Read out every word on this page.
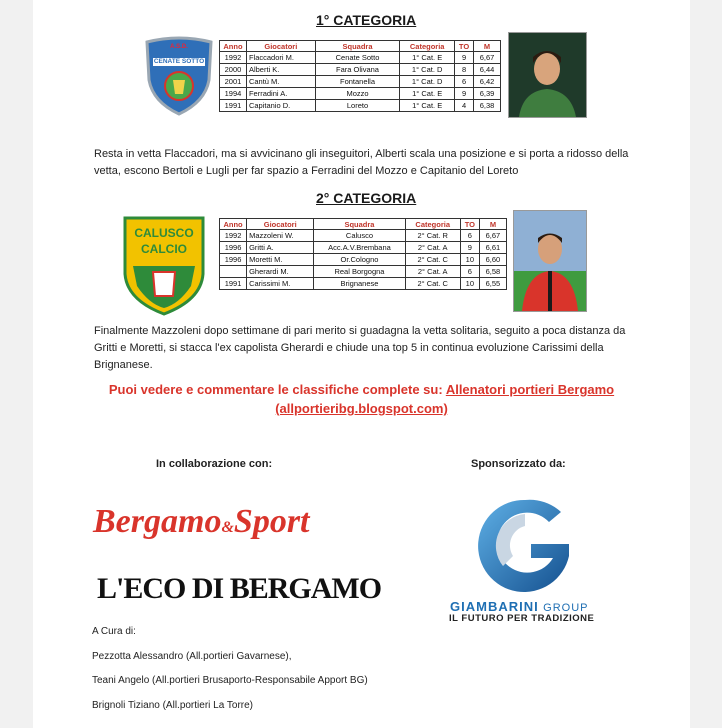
1° CATEGORIA
A.S.D.
CENATE SOTTO
Anno	Giocatori	Squadra	Categoria	TO	M
1992	Flaccadori M.	Cenate Sotto	1° Cat. E	9	6,67
2000	Alberti K.	Fara Olivana	1° Cat. D	8	6,44
2001	Cantù M.	Fontanella	1° Cat. D	6	6,42
1994	Ferradini A.	Mozzo	1° Cat. E	9	6,39
1991	Capitanio D.	Loreto	1° Cat. E	4	6,38
Resta in vetta Flaccadori, ma si avvicinano gli inseguitori, Alberti scala una posizione e si porta a ridosso della vetta, escono Bertoli e Lugli per far spazio a Ferradini del Mozzo e Capitanio del Loreto
2° CATEGORIA
CALUSCO
CALCIO
Anno	Giocatori	Squadra	Categoria	TO	M
1992	Mazzoleni W.	Calusco	2° Cat. R	6	6,67
1996	Gritti A.	Acc.A.V.Brembana	2° Cat. A	9	6,61
1996	Moretti M.	Or.Cologno	2° Cat. C	10	6,60
	Gherardi M.	Real Borgogna	2° Cat. A	6	6,58
1991	Carissimi M.	Brignanese	2° Cat. C	10	6,55
Finalmente Mazzoleni dopo settimane di pari merito si guadagna la vetta solitaria, seguito a poca distanza da Gritti e Moretti, si stacca l'ex capolista Gherardi e chiude una top 5 in continua evoluzione Carissimi della Brignanese.
Puoi vedere e commentare le classifiche complete su: Allenatori portieri Bergamo
(allportieribg.blogspot.com)
In collaborazione con:	Sponsorizzato da:
Bergamo&Sport
L'ECO DI BERGAMO
GIAMBARINI GROUP
IL FUTURO PER TRADIZIONE
A Cura di:
Pezzotta Alessandro (All.portieri Gavarnese),
Teani Angelo (All.portieri Brusaporto-Responsabile Apport BG)
Brignoli Tiziano (All.portieri La Torre)
